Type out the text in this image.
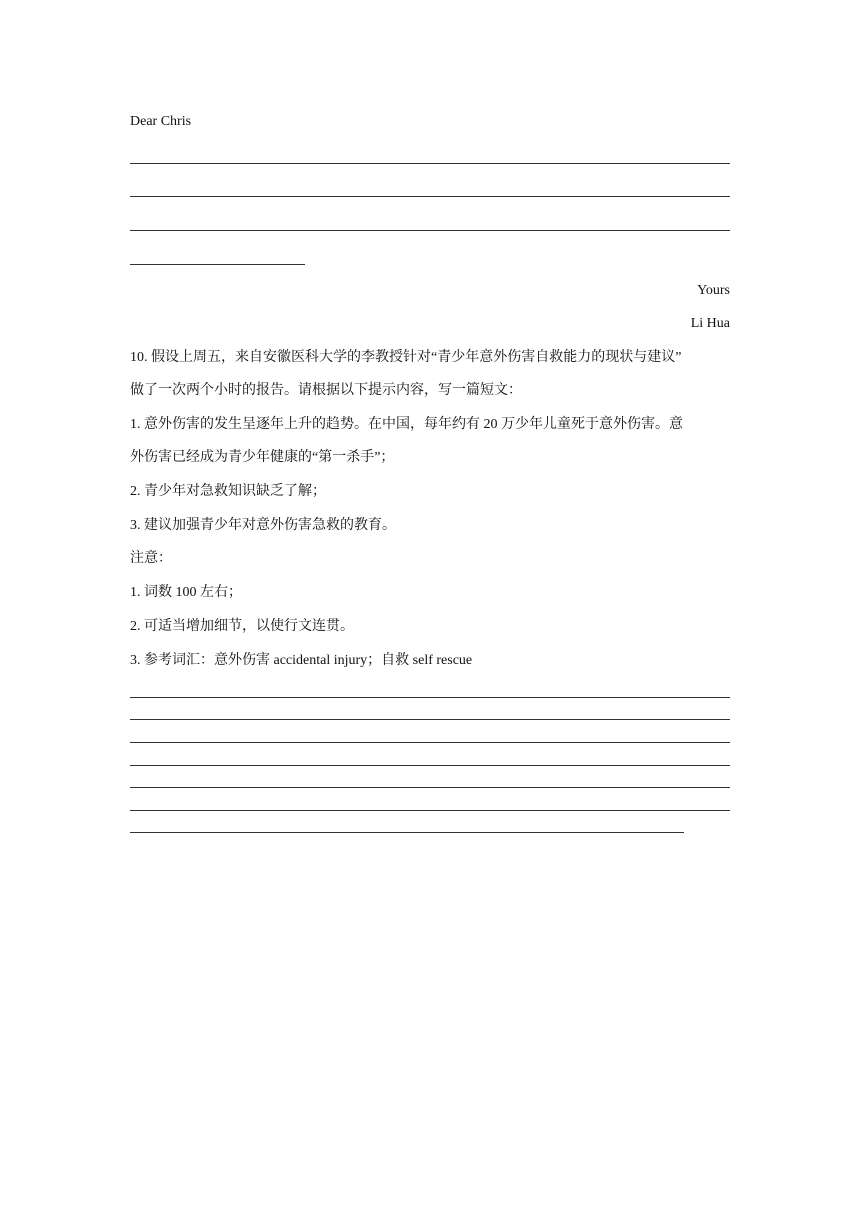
Dear Chris

Yours

Li Hua

10. 假设上周五，来自安徽医科大学的李教授针对“青少年意外伤害自救能力的现状与建议”

做了一次两个小时的报告。请根据以下提示内容，写一篇短文：

1. 意外伤害的发生呈逐年上升的趋势。在中国，每年约有 20 万少年儿童死于意外伤害。意

外伤害已经成为青少年健康的“第一杀手”；

2. 青少年对急救知识缺乏了解；

3. 建议加强青少年对意外伤害急救的教育。

注意：

1. 词数 100 左右；

2. 可适当增加细节，以使行文连贯。

3. 参考词汇：意外伤害 accidental injury；自救 self rescue
